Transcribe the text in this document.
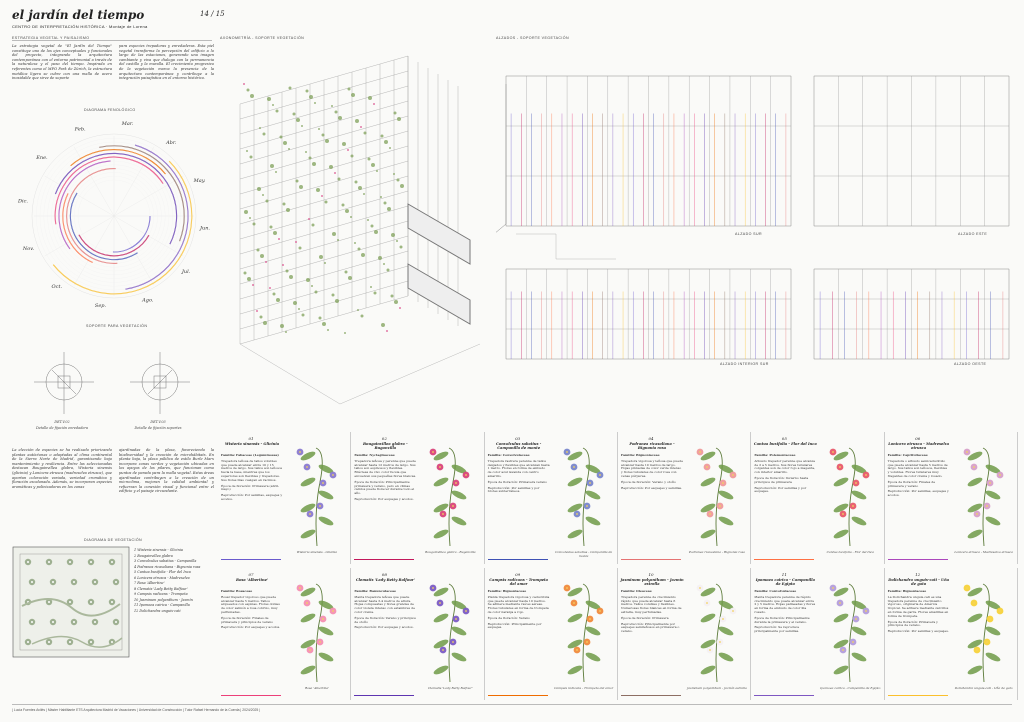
el jardín del tiempo	14 / 15
CENTRO DE INTERPRETACIÓN HISTÓRICA · Montaje de Lorena
ESTRATEGIA VEGETAL Y PAISAJISMO
La estrategia vegetal de "El Jardín del Tiempo" constituye uno de los ejes conceptuales y funcionales del proyecto, integrando la arquitectura contemporánea con el entorno patrimonial a través de la naturaleza y el paso del tiempo. Inspirada en referentes como el MFO Park de Zúrich, la estructura metálica ligera se cubre con una malla de acero inoxidable que sirve de soporte
para especies trepadoras y enredaderas. Esta piel vegetal transforma la percepción del edificio a lo largo de las estaciones, generando una imagen cambiante y viva que dialoga con la permanencia del castillo y la muralla. El crecimiento progresivo de la vegetación marca la presencia de la arquitectura contemporánea y contribuye a la integración paisajística en el entorno histórico.
DIAGRAMA FENOLÓGICO
Ene.
Feb.
Mar.
Abr.
May.
Jun.
Jul.
Ago.
Sep.
Oct.
Nov.
Dic.
SOPORTE PARA VEGETACIÓN
DET.V.02
Detalle de fijación enredadera
DET.V.03
Detalle de fijación soportes
La elección de especies se ha realizado priorizando plantas autóctonas o adaptadas al clima continental de la Sierra Norte de Madrid, garantizando bajo mantenimiento y resiliencia. Entre las seleccionadas destacan Bougainvillea glabra, Wisteria sinensis (glicinia) y Lonicera etrusca (madreselva etrusca), que aportan coloración variada, variedad cromática y floración escalonada. Además, se incorporan especies aromáticas y polinizadoras en los zonas
ajardinadas de la plaza, favoreciendo la biodiversidad y la creación de microhábitats. En planta baja, la plaza pública de estilo Burle Marx incorpora zonas verdes y vegetación ubicadas en los apoyos de los pilares, que funcionan como puntos de parada para la malla vegetal. Estas áreas ajardinadas contribuyen a la creación de un microclima, mejoran la calidad ambiental y refuerzan la conexión visual y funcional entre el edificio y el paisaje circundante.
DIAGRAMA DE VEGETACIÓN
1 Wisteria sinensis - Glicinia
2 Bougainvillea glabra
3 Convolvulus sabatius - Campanilla
4 Podranea ricasoliana - Bignonia rosa
5 Cantua buxifolia - Flor del Inca
6 Lonicera etrusca - Madreselva
7 Rosa 'Albertine'
8 Clematis 'Lady Betty Balfour'
9 Campsis radicans - Trompeta
10 Jasminum polyanthum - Jazmín
11 Ipomoea cairica - Campanilla
12 Dolichandra unguis-cati
AXONOMETRÍA - SOPORTE VEGETACIÓN	ALZADOS - SOPORTE VEGETACIÓN
ALZADO SUR	ALZADO ESTE
ALZADO INTERIOR SUR	ALZADO OESTE
01
Wisteria sinensis - Glicinia
Familia: Fabaceae (Leguminosas)
Trepadora leñosa de tallos volubles que puede alcanzar entre 10 y 15 metros de largo. Sus tallos son leñosos hacia la base, mientras que los superiores son flexibles y trepadores. Sus flores lilas cuelgan en racimos.
Época de floración: Primavera (abril-mayo)
Reproducción: Por semillas, esquejes y acodos.
Wisteria sinensis - Glicinia
02
Bougainvillea glabra - Buganvilla
Familia: Nyctaginaceae
Trepadora leñosa y perenne que puede alcanzar hasta 12 metros de largo. Sus tallos son espinosos y flexibles. Brácteas de vivo color fucsia que envuelven sus pequeñas flores blancas.
Época de floración: Principalmente primavera y verano, pero en climas cálidos puede florecer durante todo el año.
Reproducción: Por esquejes y acodos.
Bougainvillea glabra - Buganvilla
03
Convolvulus sabatius - Campanilla de monte
Familia: Convolvulaceae
Trepadora rastrera perenne de tallos delgados y flexibles que alcanzan hasta 1 metro. Flores en forma de embudo de color azul lavanda con centro amarillo.
Época de floración: Primavera verano
Reproducción: Por semillas y por brotes subterráneos.
Convolvulus sabatius - Campanilla de monte
04
Podranea ricasoliana - Bignonia rosa
Familia: Bignoniaceae
Trepadora vigorosa y leñosa que puede alcanzar hasta 10 metros de largo. Hojas pinnadas de color verde intenso y flores tubulares de color rosa con venas púrpuras.
Época de floración: Verano y otoño
Reproducción: Por esquejes y semillas.
Podranea ricasoliana - Bignonia rosa
05
Cantua buxifolia - Flor del Inca
Familia: Polemoniaceae
Arbusto trepador perenne que alcanza de 2 a 5 metros. Sus flores tubulares colgantes son de color rojo a magenta, con interior amarillo.
Época de floración: Invierno hasta principios de primavera
Reproducción: Por semillas y por esquejes.
Cantua buxifolia - Flor del Inca
06
Lonicera etrusca - Madreselva etrusca
Familia: Caprifoliaceae
Trepadora o arbusto semicaducifolio que puede alcanzar hasta 5 metros de largo. Sus tallos son leñosos, flexibles y volubles. Flores tubulares muy fragantes de color crema y rosado.
Época de floración: Finales de primavera y verano
Reproducción: Por semillas, esquejes y acodos.
Lonicera etrusca - Madreselva etrusca
07
Rosa 'Albertine'
Familia: Rosaceae
Rosal trepador vigoroso que puede alcanzar hasta 5 metros. Tallos arqueados con espinas. Flores dobles de color salmón a rosa cobrizo, muy perfumadas.
Época de floración: Finales de primavera y principios de verano
Reproducción: Por esquejes y acodos.
Rosa 'Albertine'
08
Clematis 'Lady Betty Balfour'
Familia: Ranunculaceae
Planta trepadora leñosa que puede alcanzar hasta 3-4 metros de altura. Hojas compuestas y flores grandes de color violeta intenso con estambres de color crema.
Época de floración: Verano y principios de otoño
Reproducción: Por esquejes y acodos.
Clematis 'Lady Betty Balfour'
09
Campsis radicans - Trompeta del amor
Familia: Bignoniaceae
Planta trepadora vigorosa y caducifolia que puede alcanzar hasta 10 metros. Se adhiere mediante raíces aéreas. Flores tubulares en forma de trompeta de color naranja a rojo.
Época de floración: Verano
Reproducción: Principalmente por esquejes.
Campsis radicans - Trompeta del amor
10
Jasminum polyanthum - Jazmín estrella
Familia: Oleaceae
Trepadora perenne de crecimiento rápido que puede alcanzar hasta 6 metros. Tallos volubles y flexibles. Numerosas flores blancas en forma de estrella, muy perfumadas.
Época de floración: Primavera
Reproducción: Principalmente por esquejes semileñosos en primavera o verano.
Jasminum polyanthum - Jazmín estrella
11
Ipomoea cairica - Campanilla de Egipto
Familia: Convolvulaceae
Planta trepadora perenne de rápido crecimiento que puede alcanzar entre 2 y 5 metros. Hojas palmeadas y flores en forma de embudo de color lila rosado.
Época de floración: Principalmente durante la primavera y el verano.
Reproducción: Se reproduce principalmente por semillas.
Ipomoea cairica - Campanilla de Egipto
12
Dolichandra unguis-cati - Uña de gato
Familia: Bignoniaceae
La Dolichandra unguis-cati es una trepadora perenne de crecimiento vigoroso, originaria de América tropical. Se adhiere mediante zarcillos en forma de garra. Flores amarillas en forma de trompeta.
Época de floración: Primavera y principios de verano.
Reproducción: Por semillas y esquejes.
Dolichandra unguis-cati - Uña de gato
| Lucía Fuentes Avilés | Máster Habilitante ETS Arquitectura Madrid de Vacaciones | Universidad de Construcción | Tutor Rafael Hernando de la Cuerda | 2024/2025 |
